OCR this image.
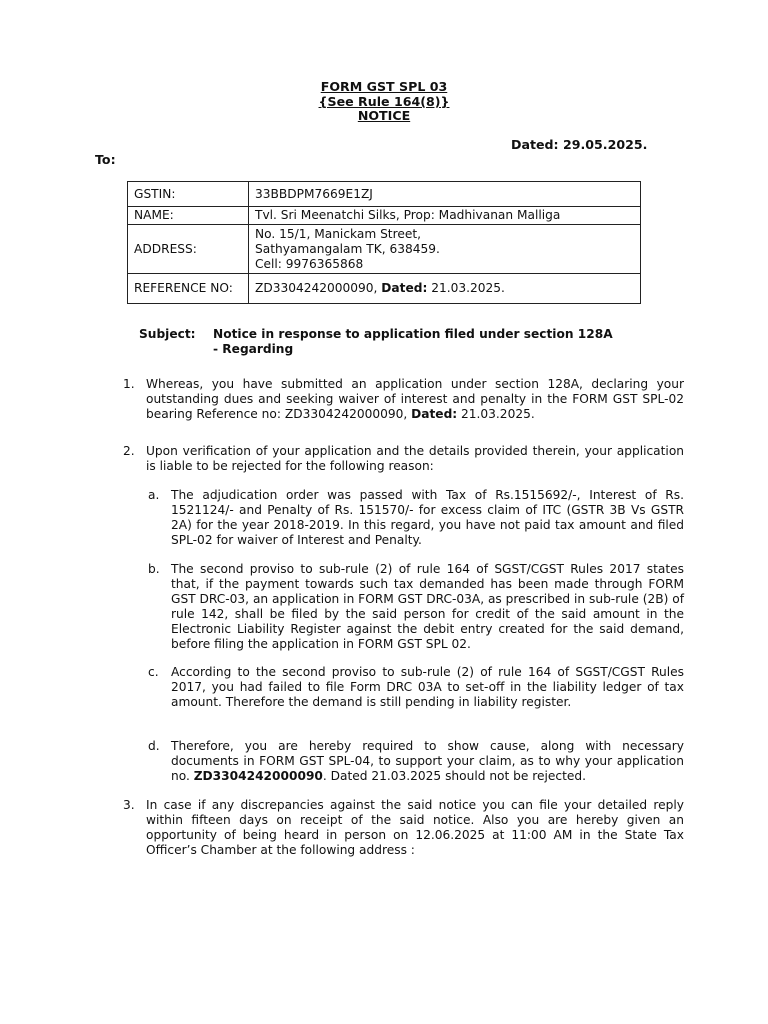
FORM GST SPL 03
{See Rule 164(8)}
NOTICE
Dated: 29.05.2025.
To:
GSTIN:	33BBDPM7669E1ZJ
NAME:	Tvl. Sri Meenatchi Silks, Prop: Madhivanan Malliga
ADDRESS:	No. 15/1, Manickam Street,
Sathyamangalam TK, 638459.
Cell: 9976365868

REFERENCE NO:	ZD3304242000090, Dated: 21.03.2025.
Subject: Notice in response to application filed under section 128A
- Regarding
1. Whereas, you have submitted an application under section 128A, declaring your outstanding dues and seeking waiver of interest and penalty in the FORM GST SPL-02 bearing Reference no: ZD3304242000090, Dated: 21.03.2025.
2. Upon verification of your application and the details provided therein, your application is liable to be rejected for the following reason:
a. The adjudication order was passed with Tax of Rs.1515692/-, Interest of Rs. 1521124/- and Penalty of Rs. 151570/- for excess claim of ITC (GSTR 3B Vs GSTR 2A) for the year 2018-2019. In this regard, you have not paid tax amount and filed SPL-02 for waiver of Interest and Penalty.
b. The second proviso to sub-rule (2) of rule 164 of SGST/CGST Rules 2017 states that, if the payment towards such tax demanded has been made through FORM GST DRC-03, an application in FORM GST DRC-03A, as prescribed in sub-rule (2B) of rule 142, shall be filed by the said person for credit of the said amount in the Electronic Liability Register against the debit entry created for the said demand, before filing the application in FORM GST SPL 02.
c. According to the second proviso to sub-rule (2) of rule 164 of SGST/CGST Rules 2017, you had failed to file Form DRC 03A to set-off in the liability ledger of tax amount. Therefore the demand is still pending in liability register.
d. Therefore, you are hereby required to show cause, along with necessary documents in FORM GST SPL-04, to support your claim, as to why your application no. ZD3304242000090. Dated 21.03.2025 should not be rejected.
3. In case if any discrepancies against the said notice you can file your detailed reply within fifteen days on receipt of the said notice. Also you are hereby given an opportunity of being heard in person on 12.06.2025 at 11:00 AM in the State Tax Officer’s Chamber at the following address :
